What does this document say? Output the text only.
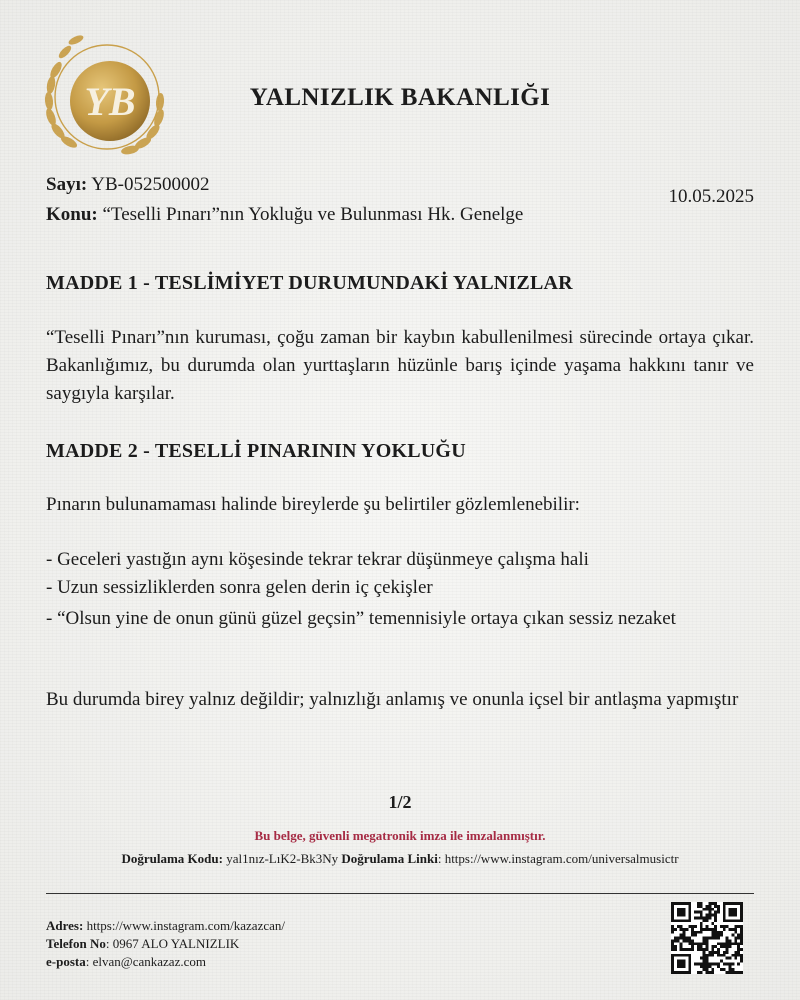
YB	YALNIZLIK BAKANLIĞI
Sayı: YB-052500002
Konu: “Teselli Pınarı”nın Yokluğu ve Bulunması Hk. Genelge
10.05.2025
MADDE 1 - TESLİMİYET DURUMUNDAKİ YALNIZLAR
“Teselli Pınarı”nın kuruması, çoğu zaman bir kaybın kabullenilmesi sürecinde ortaya çıkar. Bakanlığımız, bu durumda olan yurttaşların hüzünle barış içinde yaşama hakkını tanır ve saygıyla karşılar.
MADDE 2 - TESELLİ PINARININ YOKLUĞU
Pınarın bulunamaması halinde bireylerde şu belirtiler gözlemlenebilir:
- Geceleri yastığın aynı köşesinde tekrar tekrar düşünmeye çalışma hali
- Uzun sessizliklerden sonra gelen derin iç çekişler
- “Olsun yine de onun günü güzel geçsin” temennisiyle ortaya çıkan sessiz nezaket
Bu durumda birey yalnız değildir; yalnızlığı anlamış ve onunla içsel bir antlaşma yapmıştır
1/2
Bu belge, güvenli megatronik imza ile imzalanmıştır.
Doğrulama Kodu: yal1nız-LıK2-Bk3Ny Doğrulama Linki: https://www.instagram.com/universalmusictr
Adres: https://www.instagram.com/kazazcan/
Telefon No: 0967 ALO YALNIZLIK
e-posta: elvan@cankazaz.com
